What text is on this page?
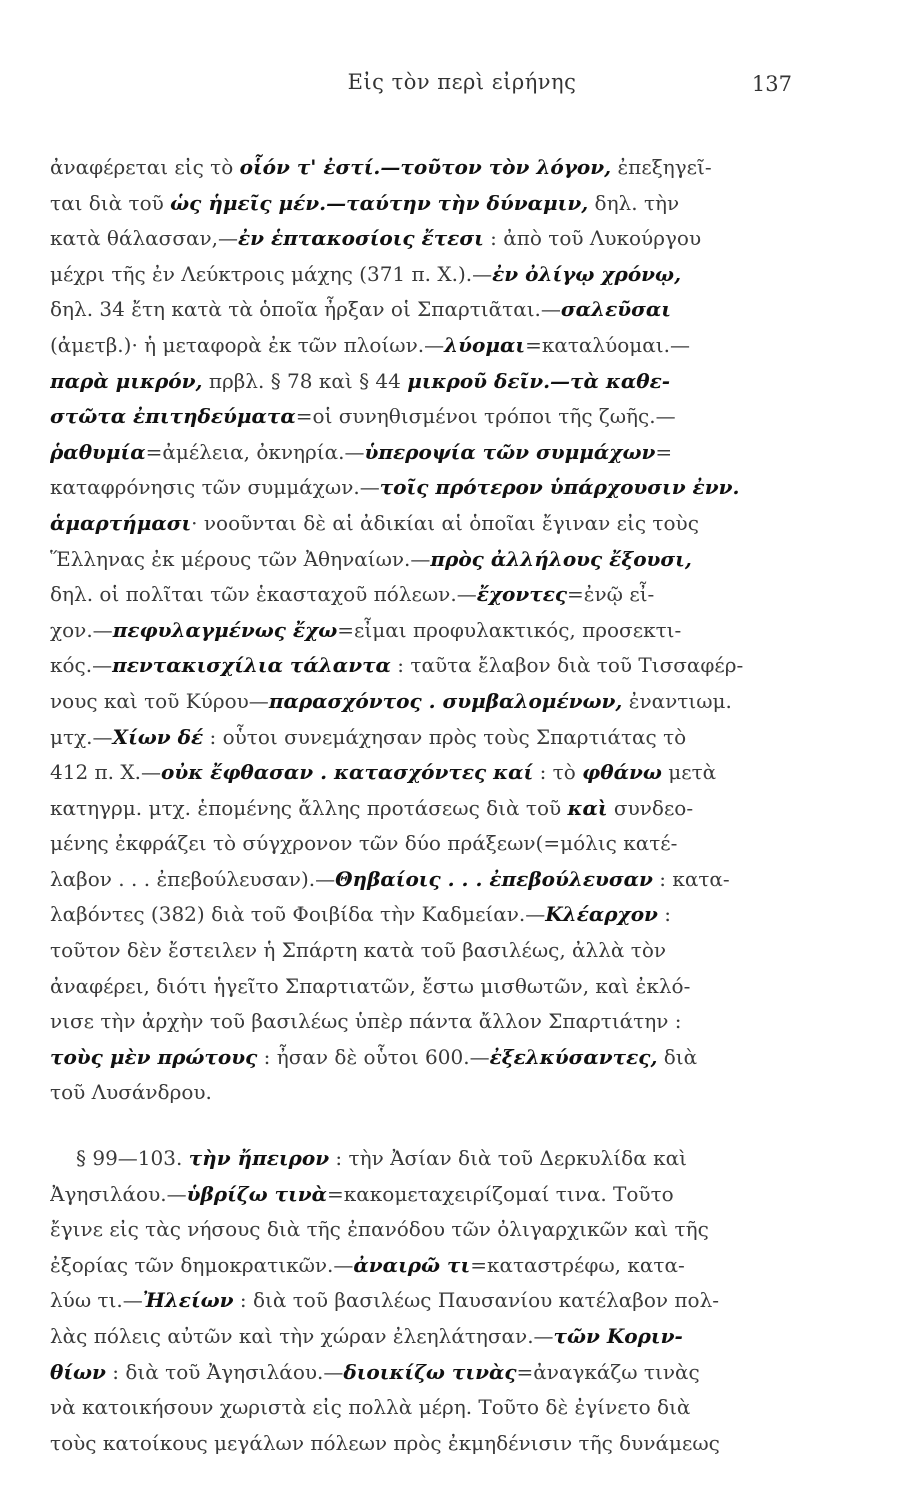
Εἰς τὸν περὶ εἰρήνης	137
ἀναφέρεται εἰς τὸ οἷόν τ' ἐστί.—τοῦτον τὸν λόγον, ἐπεξηγεῖ-
ται διὰ τοῦ ὡς ἡμεῖς μέν.—ταύτην τὴν δύναμιν, δηλ. τὴν
κατὰ θάλασσαν,—ἐν ἑπτακοσίοις ἔτεσι : ἀπὸ τοῦ Λυκούργου
μέχρι τῆς ἐν Λεύκτροις μάχης (371 π. Χ.).—ἐν ὀλίγῳ χρόνῳ,
δηλ. 34 ἔτη κατὰ τὰ ὁποῖα ἦρξαν οἱ Σπαρτιᾶται.—σαλεῦσαι
(ἀμετβ.)· ἡ μεταφορὰ ἐκ τῶν πλοίων.—λύομαι=καταλύομαι.—
παρὰ μικρόν, πρβλ. § 78 καὶ § 44 μικροῦ δεῖν.—τὰ καθε-
στῶτα ἐπιτηδεύματα=οἱ συνηθισμένοι τρόποι τῆς ζωῆς.—
ῥαθυμία=ἀμέλεια, ὀκνηρία.—ὑπεροψία τῶν συμμάχων=
καταφρόνησις τῶν συμμάχων.—τοῖς πρότερον ὑπάρχουσιν ἐνν.
ἁμαρτήμασι· νοοῦνται δὲ αἱ ἀδικίαι αἱ ὁποῖαι ἔγιναν εἰς τοὺς
Ἕλληνας ἐκ μέρους τῶν Ἀθηναίων.—πρὸς ἀλλήλους ἔξουσι,
δηλ. οἱ πολῖται τῶν ἑκασταχοῦ πόλεων.—ἔχοντες=ἐνῷ εἶ-
χον.—πεφυλαγμένως ἔχω=εἶμαι προφυλακτικός, προσεκτι-
κός.—πεντακισχίλια τάλαντα : ταῦτα ἔλαβον διὰ τοῦ Τισσαφέρ-
νους καὶ τοῦ Κύρου—παρασχόντος . συμβαλομένων, ἐναντιωμ.
μτχ.—Χίων δέ : οὗτοι συνεμάχησαν πρὸς τοὺς Σπαρτιάτας τὸ
412 π. Χ.—οὐκ ἔφθασαν . κατασχόντες καί : τὸ φθάνω μετὰ
κατηγρμ. μτχ. ἑπομένης ἄλλης προτάσεως διὰ τοῦ καὶ συνδεο-
μένης ἐκφράζει τὸ σύγχρονον τῶν δύο πράξεων(=μόλις κατέ-
λαβον . . . ἐπεβούλευσαν).—Θηβαίοις . . . ἐπεβούλευσαν : κατα-
λαβόντες (382) διὰ τοῦ Φοιβίδα τὴν Καδμείαν.—Κλέαρχον :
τοῦτον δὲν ἔστειλεν ἡ Σπάρτη κατὰ τοῦ βασιλέως, ἀλλὰ τὸν
ἀναφέρει, διότι ἡγεῖτο Σπαρτιατῶν, ἔστω μισθωτῶν, καὶ ἐκλό-
νισε τὴν ἀρχὴν τοῦ βασιλέως ὑπὲρ πάντα ἄλλον Σπαρτιάτην :
τοὺς μὲν πρώτους : ἦσαν δὲ οὗτοι 600.—ἐξελκύσαντες, διὰ
τοῦ Λυσάνδρου.
§ 99—103. τὴν ἤπειρον : τὴν Ἀσίαν διὰ τοῦ Δερκυλίδα καὶ
Ἀγησιλάου.—ὑβρίζω τινὰ=κακομεταχειρίζομαί τινα. Τοῦτο
ἔγινε εἰς τὰς νήσους διὰ τῆς ἐπανόδου τῶν ὀλιγαρχικῶν καὶ τῆς
ἐξορίας τῶν δημοκρατικῶν.—ἀναιρῶ τι=καταστρέφω, κατα-
λύω τι.—Ἠλείων : διὰ τοῦ βασιλέως Παυσανίου κατέλαβον πολ-
λὰς πόλεις αὐτῶν καὶ τὴν χώραν ἐλεηλάτησαν.—τῶν Κοριν-
θίων : διὰ τοῦ Ἀγησιλάου.—διοικίζω τινὰς=ἀναγκάζω τινὰς
νὰ κατοικήσουν χωριστὰ εἰς πολλὰ μέρη. Τοῦτο δὲ ἐγίνετο διὰ
τοὺς κατοίκους μεγάλων πόλεων πρὸς ἐκμηδένισιν τῆς δυνάμεως
